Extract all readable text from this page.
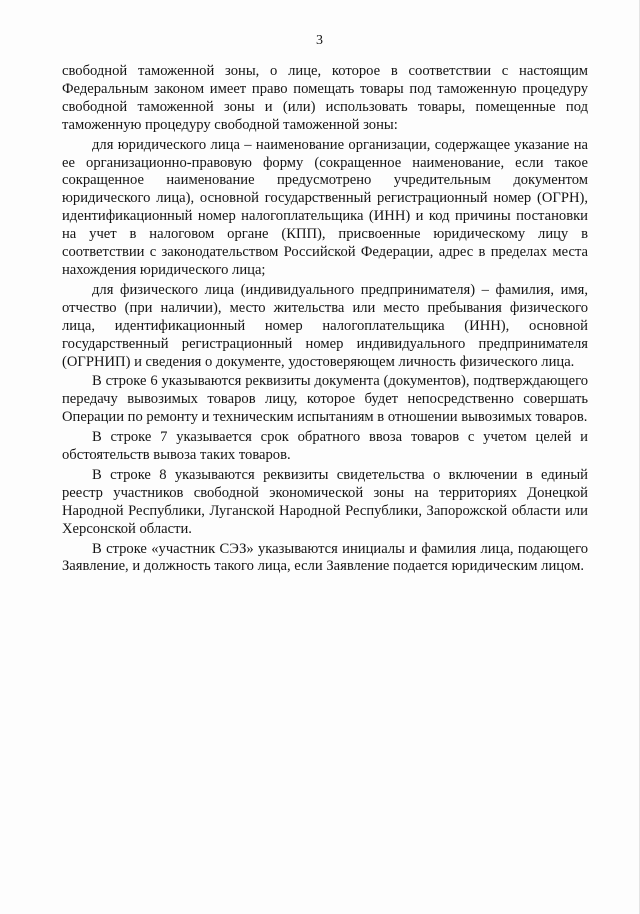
3

свободной таможенной зоны, о лице, которое в соответствии с настоящим Федеральным законом имеет право помещать товары под таможенную процедуру свободной таможенной зоны и (или) использовать товары, помещенные под таможенную процедуру свободной таможенной зоны:

для юридического лица – наименование организации, содержащее указание на ее организационно-правовую форму (сокращенное наименование, если такое сокращенное наименование предусмотрено учредительным документом юридического лица), основной государственный регистрационный номер (ОГРН), идентификационный номер налогоплательщика (ИНН) и код причины постановки на учет в налоговом органе (КПП), присвоенные юридическому лицу в соответствии с законодательством Российской Федерации, адрес в пределах места нахождения юридического лица;

для физического лица (индивидуального предпринимателя) – фамилия, имя, отчество (при наличии), место жительства или место пребывания физического лица, идентификационный номер налогоплательщика (ИНН), основной государственный регистрационный номер индивидуального предпринимателя (ОГРНИП) и сведения о документе, удостоверяющем личность физического лица.

В строке 6 указываются реквизиты документа (документов), подтверждающего передачу вывозимых товаров лицу, которое будет непосредственно совершать Операции по ремонту и техническим испытаниям в отношении вывозимых товаров.

В строке 7 указывается срок обратного ввоза товаров с учетом целей и обстоятельств вывоза таких товаров.

В строке 8 указываются реквизиты свидетельства о включении в единый реестр участников свободной экономической зоны на территориях Донецкой Народной Республики, Луганской Народной Республики, Запорожской области или Херсонской области.

В строке «участник СЭЗ» указываются инициалы и фамилия лица, подающего Заявление, и должность такого лица, если Заявление подается юридическим лицом.
